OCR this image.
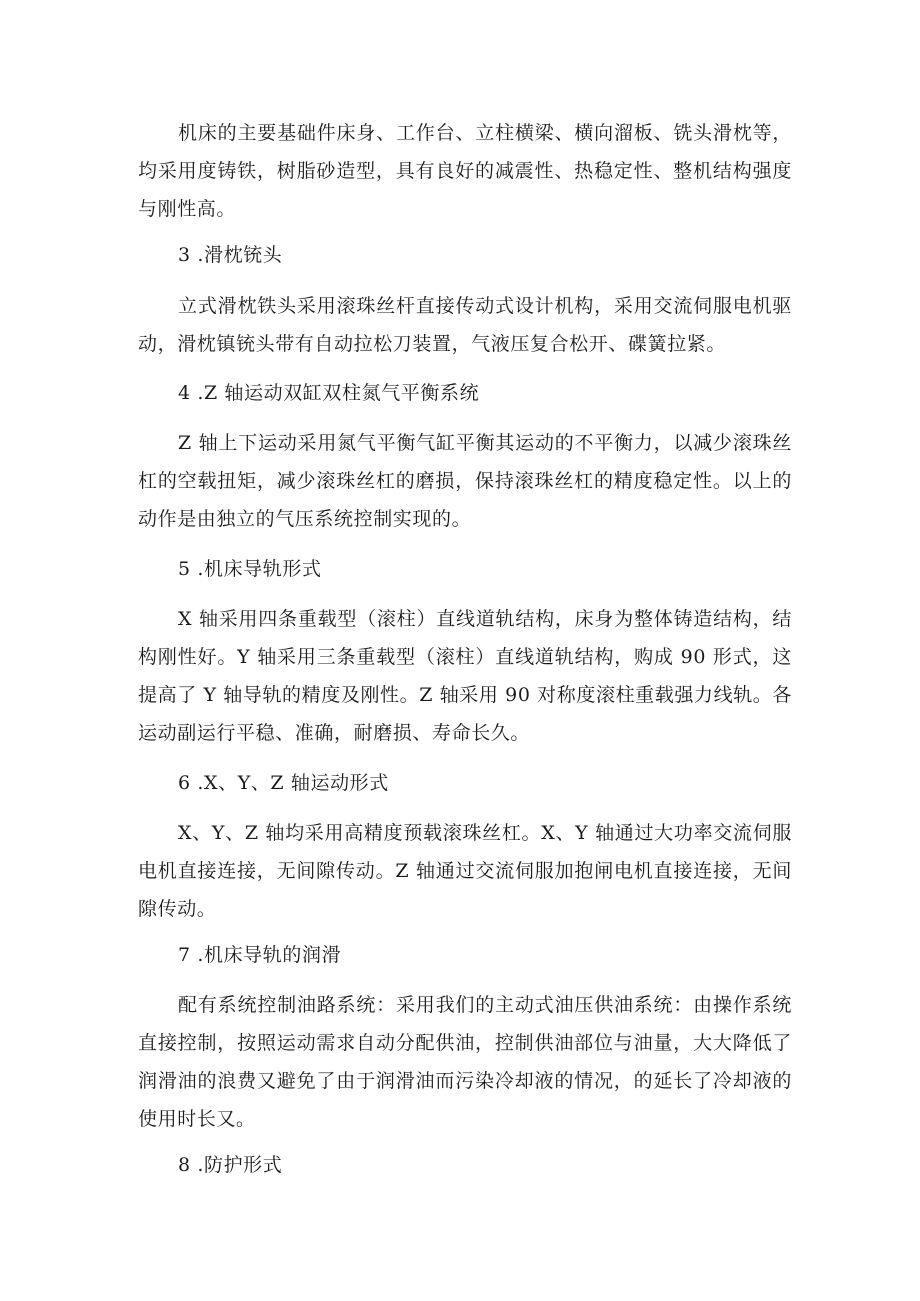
机床的主要基础件床身、工作台、立柱横梁、横向溜板、铣头滑枕等，均采用度铸铁，树脂砂造型，具有良好的减震性、热稳定性、整机结构强度与刚性高。

3 .滑枕铳头

立式滑枕铁头采用滚珠丝杆直接传动式设计机构，采用交流伺服电机驱动，滑枕镇铳头带有自动拉松刀装置，气液压复合松开、碟簧拉紧。

4 .Z 轴运动双缸双柱氮气平衡系统

Z 轴上下运动采用氮气平衡气缸平衡其运动的不平衡力，以减少滚珠丝杠的空载扭矩，减少滚珠丝杠的磨损，保持滚珠丝杠的精度稳定性。以上的动作是由独立的气压系统控制实现的。

5 .机床导轨形式

X 轴采用四条重载型（滚柱）直线道轨结构，床身为整体铸造结构，结构刚性好。Y 轴采用三条重载型（滚柱）直线道轨结构，购成 90 形式，这提高了 Y 轴导轨的精度及刚性。Z 轴采用 90 对称度滚柱重载强力线轨。各运动副运行平稳、准确，耐磨损、寿命长久。

6 .X、Y、Z 轴运动形式

X、Y、Z 轴均采用高精度预载滚珠丝杠。X、Y 轴通过大功率交流伺服电机直接连接，无间隙传动。Z 轴通过交流伺服加抱闸电机直接连接，无间隙传动。

7 .机床导轨的润滑

配有系统控制油路系统：采用我们的主动式油压供油系统：由操作系统直接控制，按照运动需求自动分配供油，控制供油部位与油量，大大降低了润滑油的浪费又避免了由于润滑油而污染冷却液的情况，的延长了冷却液的使用时长又。

8 .防护形式
